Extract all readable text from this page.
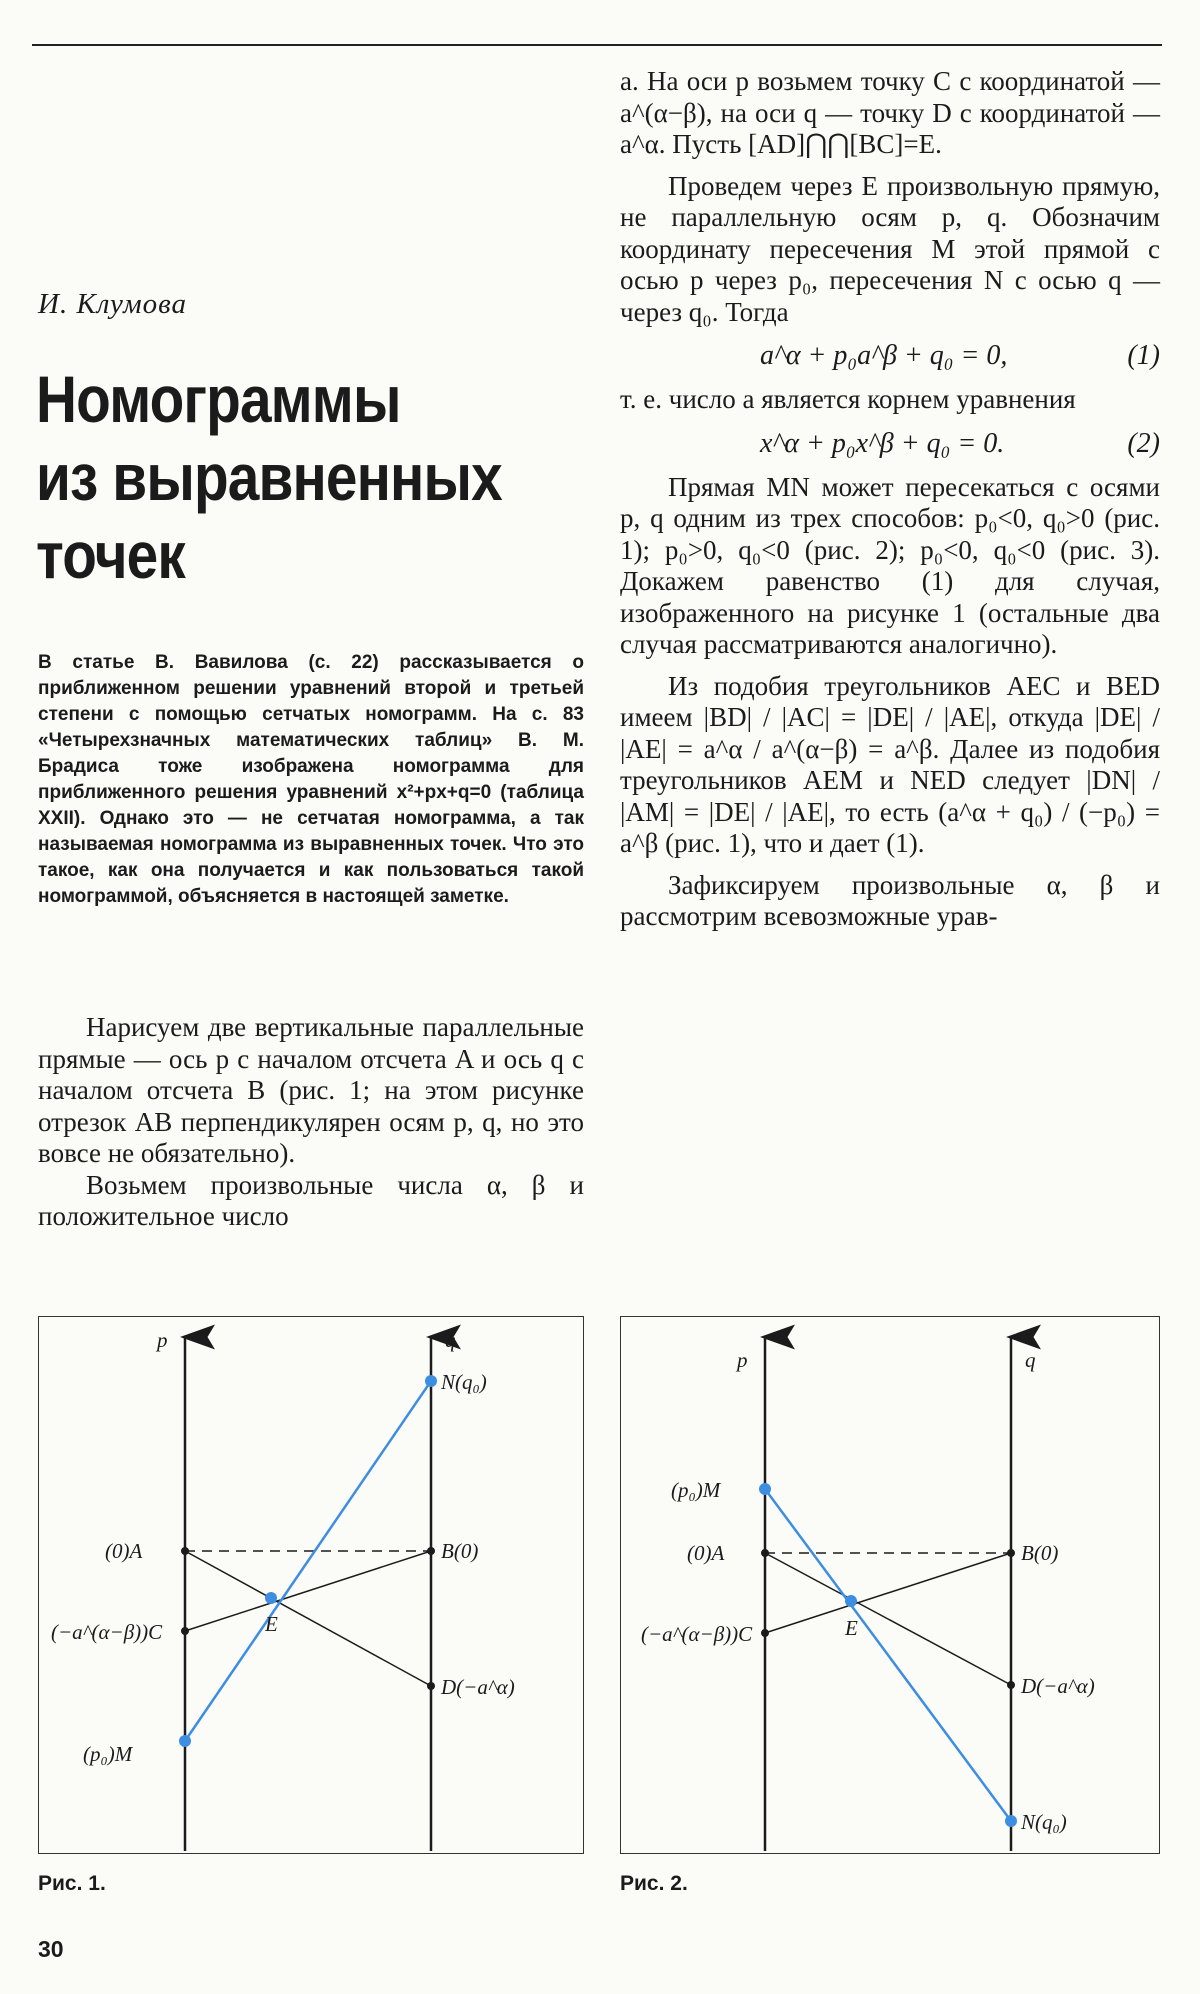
И. Клумова
Номограммы
из выравненных
точек

В статье В. Вавилова (с. 22) рассказывается о приближенном решении уравнений второй и третьей степени с помощью сетчатых номограмм. На с. 83 «Четырехзначных математических таблиц» В. М. Брадиса тоже изображена номограмма для приближенного решения уравнений x²+px+q=0 (таблица XXII). Однако это — не сетчатая номограмма, а так называемая номограмма из выравненных точек. Что это такое, как она получается и как пользоваться такой номограммой, объясняется в настоящей заметке.

Нарисуем две вертикальные параллельные прямые — ось p с началом отсчета A и ось q с началом отсчета B (рис. 1; на этом рисунке отрезок AB перпендикулярен осям p, q, но это вовсе не обязательно).

Возьмем произвольные числа α, β и положительное число

a. На оси p возьмем точку C с координатой —a^(α−β), на оси q — точку D с координатой —a^α. Пусть [AD]⋂⋂[BC]=E.

Проведем через E произвольную прямую, не параллельную осям p, q. Обозначим координату пересечения M этой прямой с осью p через p₀, пересечения N с осью q — через q₀. Тогда

a^α + p₀a^β + q₀ = 0,	(1)

т. е. число a является корнем уравнения

x^α + p₀x^β + q₀ = 0.	(2)

Прямая MN может пересекаться с осями p, q одним из трех способов: p₀<0, q₀>0 (рис. 1); p₀>0, q₀<0 (рис. 2); p₀<0, q₀<0 (рис. 3). Докажем равенство (1) для случая, изображенного на рисунке 1 (остальные два случая рассматриваются аналогично).

Из подобия треугольников AEC и BED имеем |BD| / |AC| = |DE| / |AE|, откуда |DE| / |AE| = a^α / a^(α−β) = a^β. Далее из подобия треугольников AEM и NED следует |DN| / |AM| = |DE| / |AE|, то есть (a^α + q₀) / (−p₀) = a^β (рис. 1), что и дает (1).

Зафиксируем произвольные α, β и рассмотрим всевозможные урав-

p	q
(0)A
(−a^(α−β))C
(p₀)M
E
B(0)
D(−a^α)
N(q₀)
Рис. 1.
p	q
(p₀)M
(0)A
(−a^(α−β))C	E
B(0)
D(−a^α)
N(q₀)
Рис. 2.
30
